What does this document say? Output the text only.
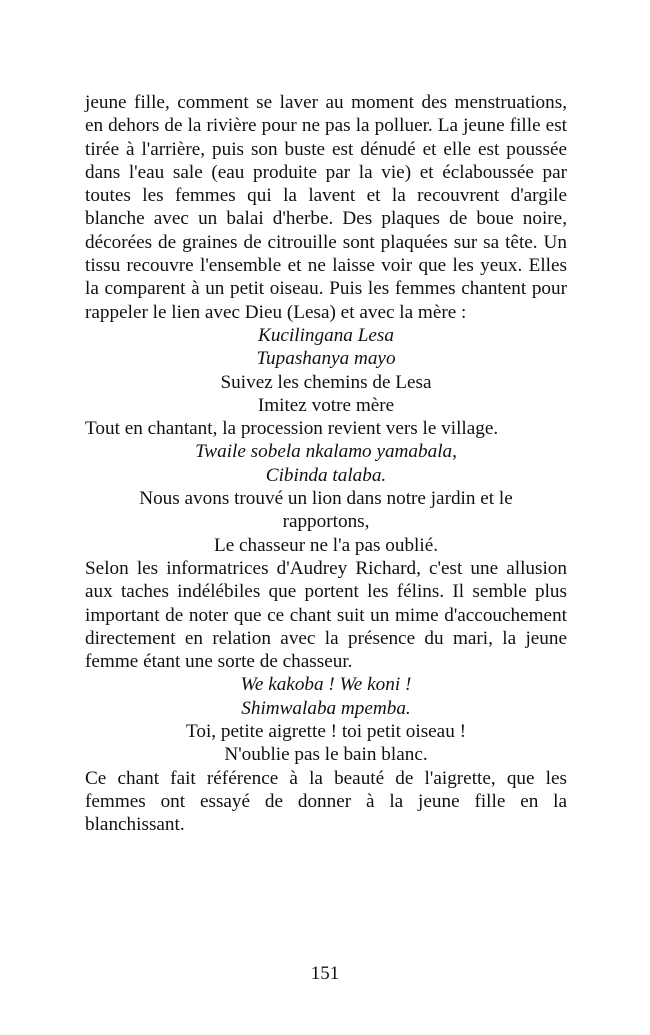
jeune fille, comment se laver au moment des menstruations, en dehors de la rivière pour ne pas la polluer. La jeune fille est tirée à l'arrière, puis son buste est dénudé et elle est poussée dans l'eau sale (eau produite par la vie) et éclaboussée par toutes les femmes qui la lavent et la recouvrent d'argile blanche avec un balai d'herbe. Des plaques de boue noire, décorées de graines de citrouille sont plaquées sur sa tête. Un tissu recouvre l'ensemble et ne laisse voir que les yeux. Elles la comparent à un petit oiseau. Puis les femmes chantent pour rappeler le lien avec Dieu (Lesa) et avec la mère :

Kucilingana Lesa

Tupashanya mayo

Suivez les chemins de Lesa

Imitez votre mère

Tout en chantant, la procession revient vers le village.

Twaile sobela nkalamo yamabala,

Cibinda talaba.

Nous avons trouvé un lion dans notre jardin et le rapportons,

Le chasseur ne l'a pas oublié.

Selon les informatrices d'Audrey Richard, c'est une allusion aux taches indélébiles que portent les félins. Il semble plus important de noter que ce chant suit un mime d'accouchement directement en relation avec la présence du mari, la jeune femme étant une sorte de chasseur.

We kakoba ! We koni !

Shimwalaba mpemba.

Toi, petite aigrette ! toi petit oiseau !

N'oublie pas le bain blanc.

Ce chant fait référence à la beauté de l'aigrette, que les femmes ont essayé de donner à la jeune fille en la blanchissant.

151
